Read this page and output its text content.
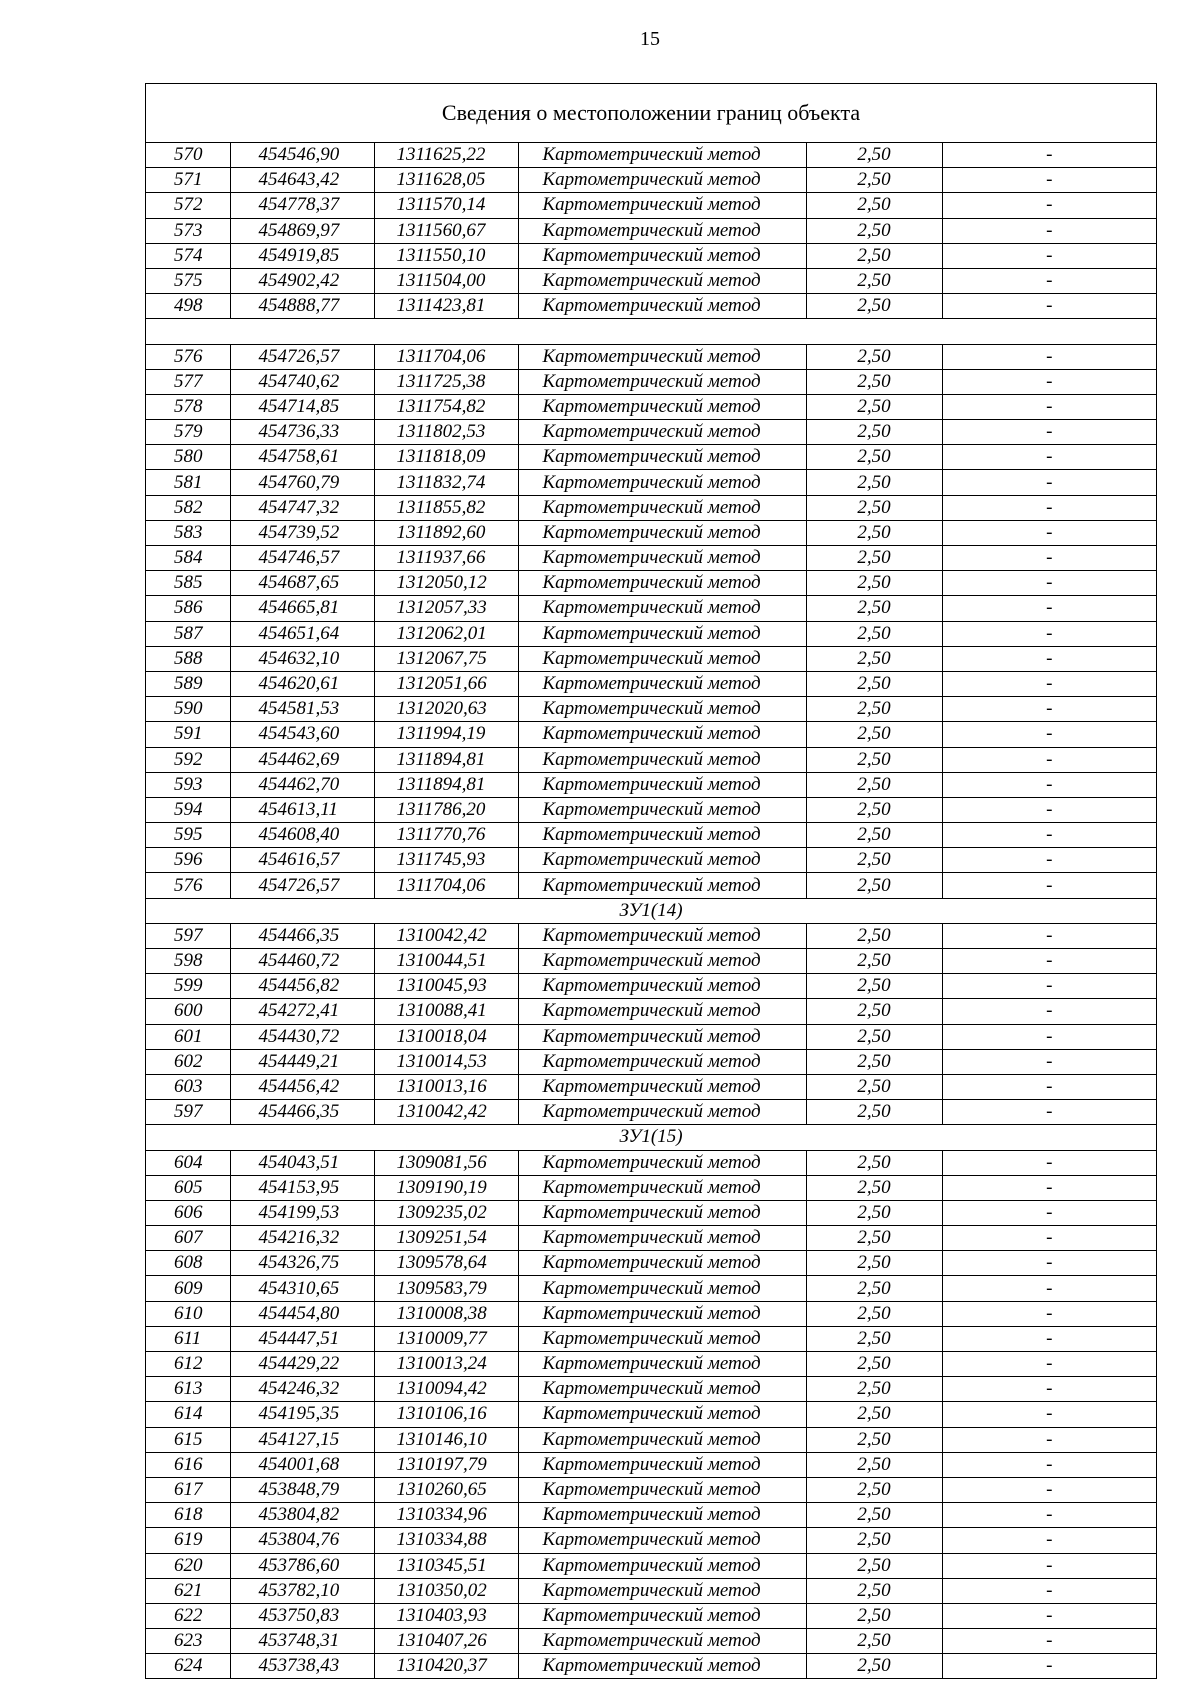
15
Сведения о местоположении границ объекта
570	454546,90	1311625,22	Картометрический метод	2,50	-
571	454643,42	1311628,05	Картометрический метод	2,50	-
572	454778,37	1311570,14	Картометрический метод	2,50	-
573	454869,97	1311560,67	Картометрический метод	2,50	-
574	454919,85	1311550,10	Картометрический метод	2,50	-
575	454902,42	1311504,00	Картометрический метод	2,50	-
498	454888,77	1311423,81	Картометрический метод	2,50	-

576	454726,57	1311704,06	Картометрический метод	2,50	-
577	454740,62	1311725,38	Картометрический метод	2,50	-
578	454714,85	1311754,82	Картометрический метод	2,50	-
579	454736,33	1311802,53	Картометрический метод	2,50	-
580	454758,61	1311818,09	Картометрический метод	2,50	-
581	454760,79	1311832,74	Картометрический метод	2,50	-
582	454747,32	1311855,82	Картометрический метод	2,50	-
583	454739,52	1311892,60	Картометрический метод	2,50	-
584	454746,57	1311937,66	Картометрический метод	2,50	-
585	454687,65	1312050,12	Картометрический метод	2,50	-
586	454665,81	1312057,33	Картометрический метод	2,50	-
587	454651,64	1312062,01	Картометрический метод	2,50	-
588	454632,10	1312067,75	Картометрический метод	2,50	-
589	454620,61	1312051,66	Картометрический метод	2,50	-
590	454581,53	1312020,63	Картометрический метод	2,50	-
591	454543,60	1311994,19	Картометрический метод	2,50	-
592	454462,69	1311894,81	Картометрический метод	2,50	-
593	454462,70	1311894,81	Картометрический метод	2,50	-
594	454613,11	1311786,20	Картометрический метод	2,50	-
595	454608,40	1311770,76	Картометрический метод	2,50	-
596	454616,57	1311745,93	Картометрический метод	2,50	-
576	454726,57	1311704,06	Картометрический метод	2,50	-
ЗУ1(14)					
597	454466,35	1310042,42	Картометрический метод	2,50	-
598	454460,72	1310044,51	Картометрический метод	2,50	-
599	454456,82	1310045,93	Картометрический метод	2,50	-
600	454272,41	1310088,41	Картометрический метод	2,50	-
601	454430,72	1310018,04	Картометрический метод	2,50	-
602	454449,21	1310014,53	Картометрический метод	2,50	-
603	454456,42	1310013,16	Картометрический метод	2,50	-
597	454466,35	1310042,42	Картометрический метод	2,50	-
ЗУ1(15)					
604	454043,51	1309081,56	Картометрический метод	2,50	-
605	454153,95	1309190,19	Картометрический метод	2,50	-
606	454199,53	1309235,02	Картометрический метод	2,50	-
607	454216,32	1309251,54	Картометрический метод	2,50	-
608	454326,75	1309578,64	Картометрический метод	2,50	-
609	454310,65	1309583,79	Картометрический метод	2,50	-
610	454454,80	1310008,38	Картометрический метод	2,50	-
611	454447,51	1310009,77	Картометрический метод	2,50	-
612	454429,22	1310013,24	Картометрический метод	2,50	-
613	454246,32	1310094,42	Картометрический метод	2,50	-
614	454195,35	1310106,16	Картометрический метод	2,50	-
615	454127,15	1310146,10	Картометрический метод	2,50	-
616	454001,68	1310197,79	Картометрический метод	2,50	-
617	453848,79	1310260,65	Картометрический метод	2,50	-
618	453804,82	1310334,96	Картометрический метод	2,50	-
619	453804,76	1310334,88	Картометрический метод	2,50	-
620	453786,60	1310345,51	Картометрический метод	2,50	-
621	453782,10	1310350,02	Картометрический метод	2,50	-
622	453750,83	1310403,93	Картометрический метод	2,50	-
623	453748,31	1310407,26	Картометрический метод	2,50	-
624	453738,43	1310420,37	Картометрический метод	2,50	-
